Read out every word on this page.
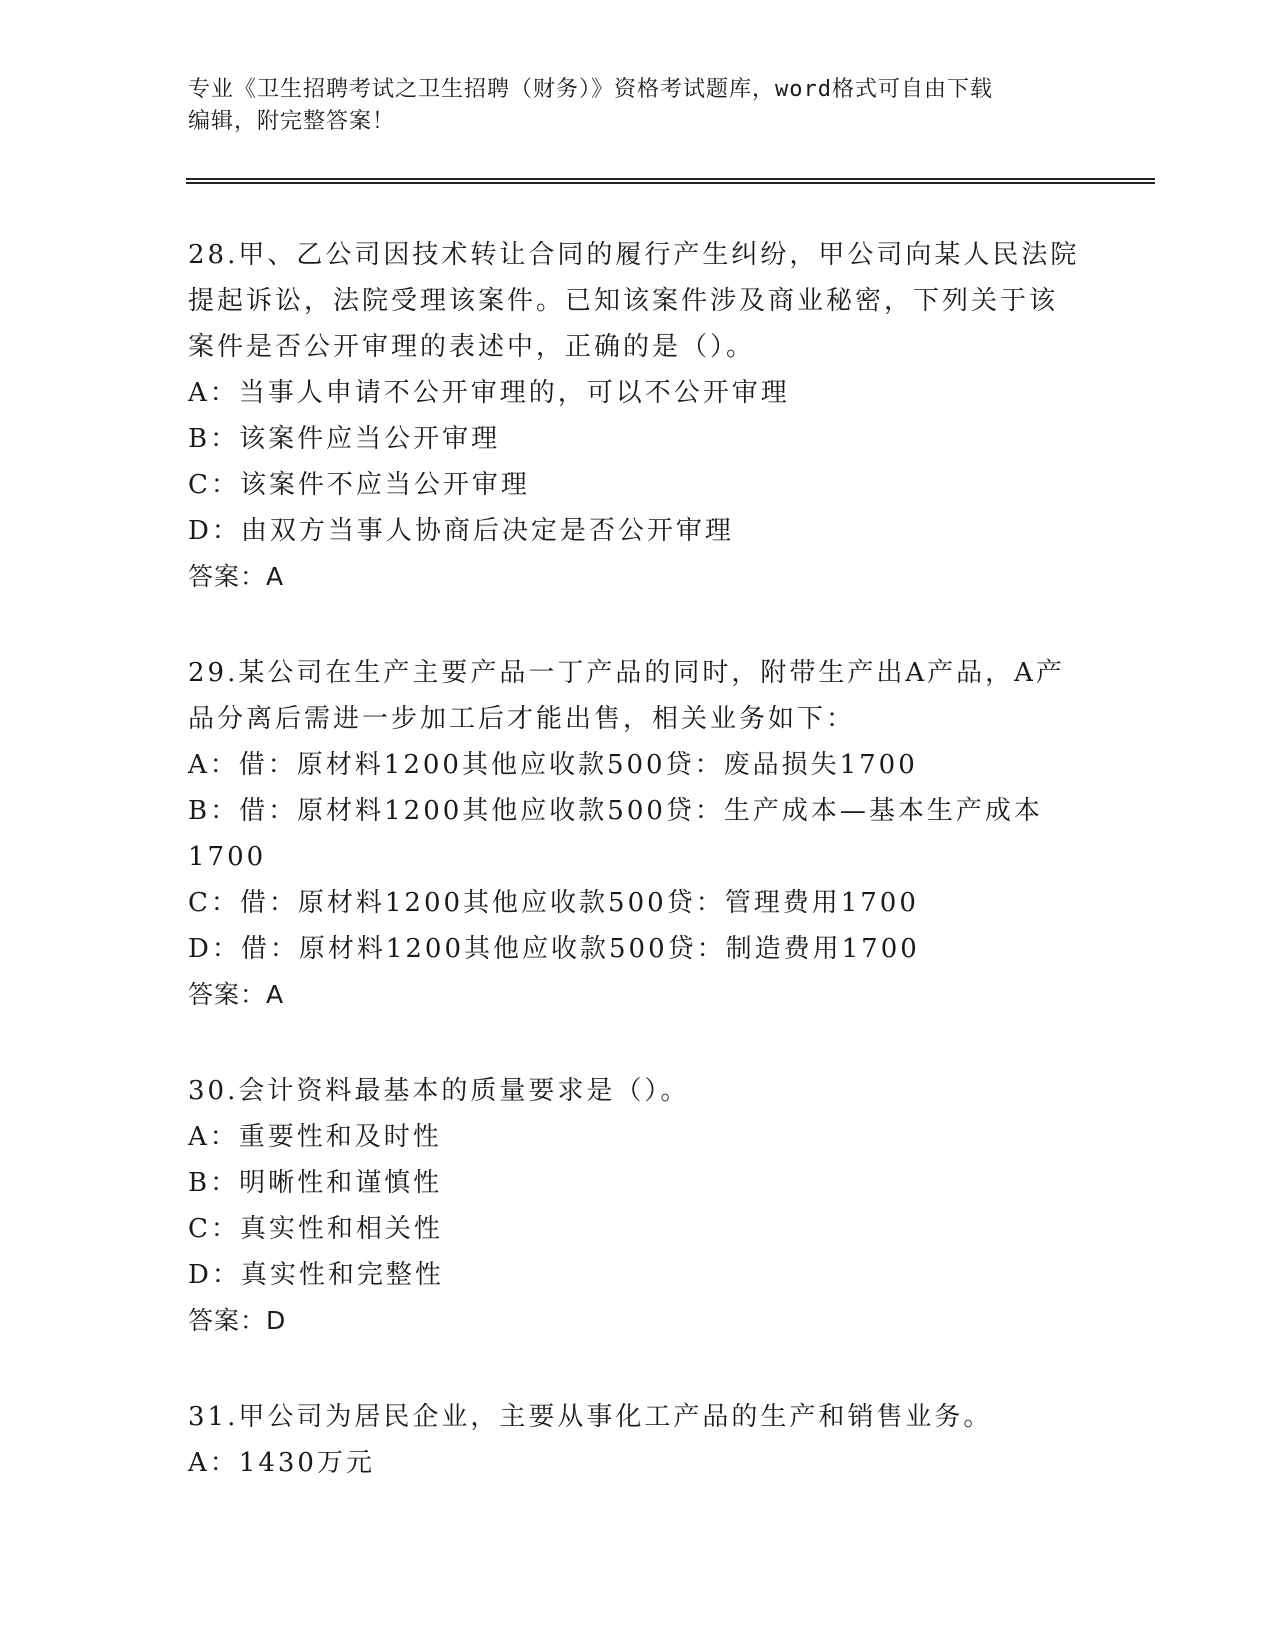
专业《卫生招聘考试之卫生招聘（财务）》资格考试题库，word格式可自由下载
编辑，附完整答案！
28.甲、乙公司因技术转让合同的履行产生纠纷，甲公司向某人民法院
提起诉讼，法院受理该案件。已知该案件涉及商业秘密，下列关于该
案件是否公开审理的表述中，正确的是（）。
A：当事人申请不公开审理的，可以不公开审理
B：该案件应当公开审理
C：该案件不应当公开审理
D：由双方当事人协商后决定是否公开审理
答案：A
29.某公司在生产主要产品一丁产品的同时，附带生产出A产品，A产
品分离后需进一步加工后才能出售，相关业务如下：
A：借：原材料1200其他应收款500贷：废品损失1700
B：借：原材料1200其他应收款500贷：生产成本—基本生产成本
1700
C：借：原材料1200其他应收款500贷：管理费用1700
D：借：原材料1200其他应收款500贷：制造费用1700
答案：A
30.会计资料最基本的质量要求是（）。
A：重要性和及时性
B：明晰性和谨慎性
C：真实性和相关性
D：真实性和完整性
答案：D
31.甲公司为居民企业，主要从事化工产品的生产和销售业务。
A：1430万元
